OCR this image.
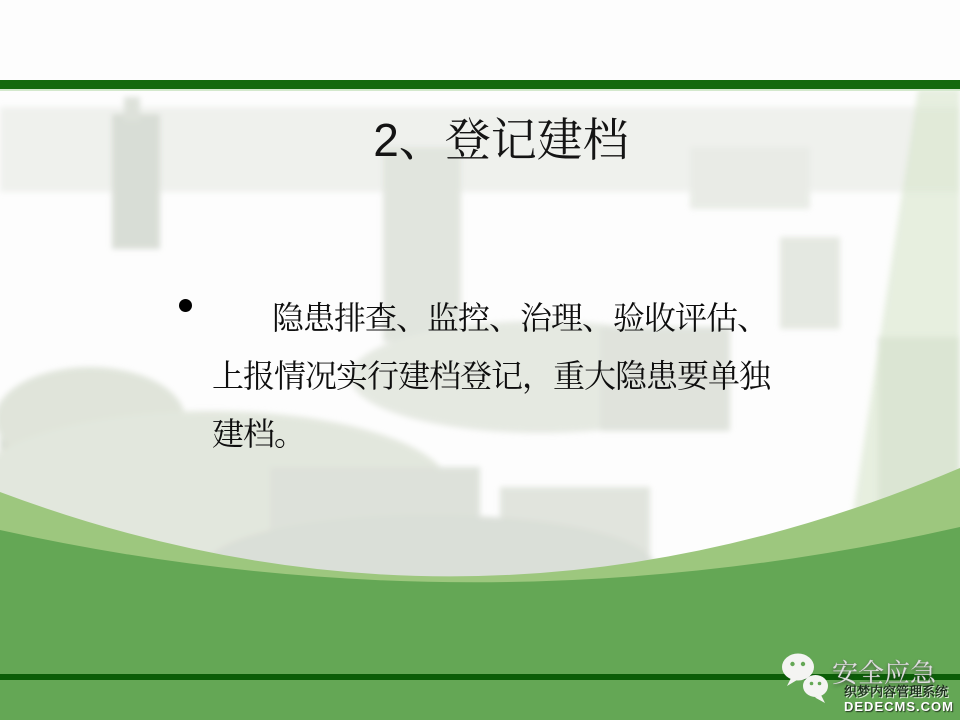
2、登记建档
隐患排查、监控、治理、验收评估、
上报情况实行建档登记，重大隐患要单独
建档。
安全应急
织梦内容管理系统
DEDECMS.COM
